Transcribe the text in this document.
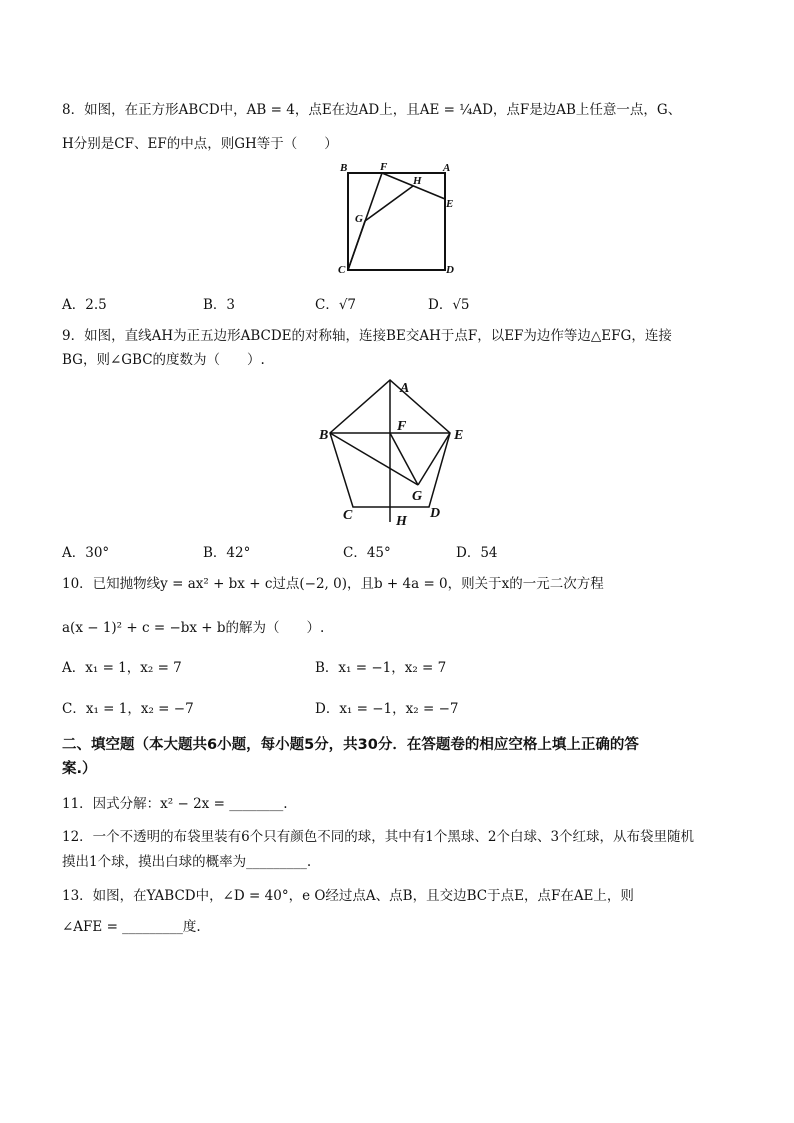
8．如图，在正方形ABCD中，AB = 4，点E在边AD上，且AE = ¼AD，点F是边AB上任意一点，G、
H分别是CF、EF的中点，则GH等于（　　）
B	F	A
H
E
G
C	D
A．2.5	B．3	C．√7	D．√5
9．如图，直线AH为正五边形ABCDE的对称轴，连接BE交AH于点F，以EF为边作等边△EFG，连接
BG，则∠GBC的度数为（　　）.
A
B
F
E
G
C	H
D
A．30°	B．42°	C．45°	D．54
10．已知抛物线y = ax² + bx + c过点(−2, 0)，且b + 4a = 0，则关于x的一元二次方程
a(x − 1)² + c = −bx + b的解为（　　）.
A．x₁ = 1，x₂ = 7	B．x₁ = −1，x₂ = 7
C．x₁ = 1，x₂ = −7	D．x₁ = −1，x₂ = −7
二、填空题（本大题共6小题，每小题5分，共30分．在答题卷的相应空格上填上正确的答
案.）
11．因式分解：x² − 2x = ________.
12．一个不透明的布袋里装有6个只有颜色不同的球，其中有1个黑球、2个白球、3个红球，从布袋里随机
摸出1个球，摸出白球的概率为_________.
13．如图，在YABCD中，∠D = 40°，e O经过点A、点B，且交边BC于点E，点F在AE上，则
∠AFE = _________度.
